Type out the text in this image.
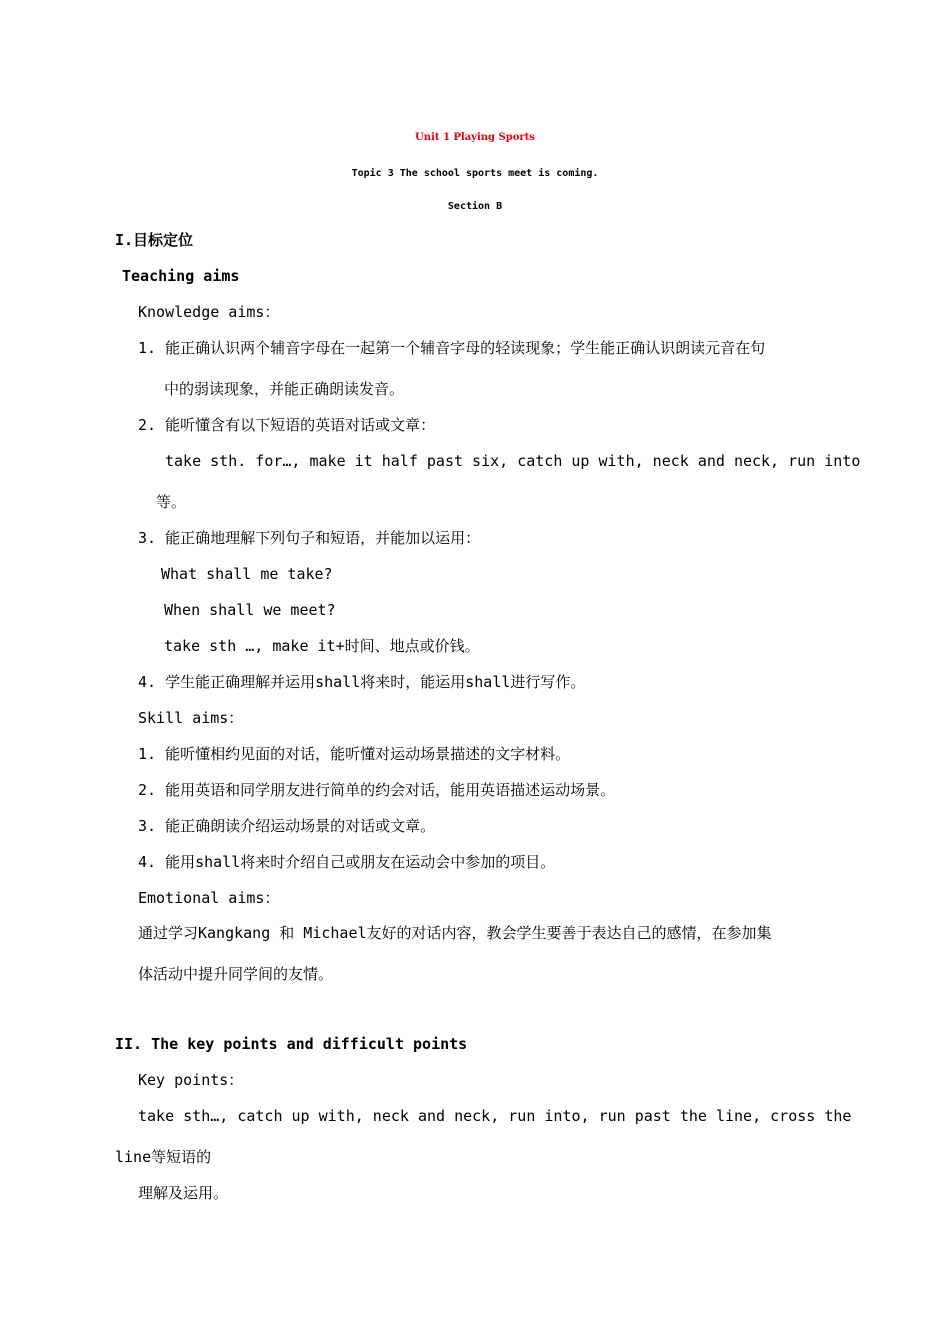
Unit 1 Playing Sports
Topic 3 The school sports meet is coming.
Section B
I.目标定位
Teaching aims
Knowledge aims：
1. 能正确认识两个辅音字母在一起第一个辅音字母的轻读现象；学生能正确认识朗读元音在句
中的弱读现象，并能正确朗读发音。
2. 能听懂含有以下短语的英语对话或文章：
take sth. for…, make it half past six, catch up with, neck and neck, run into
等。
3. 能正确地理解下列句子和短语，并能加以运用：
What shall me take?
When shall we meet?
take sth …, make it+时间、地点或价钱。
4. 学生能正确理解并运用shall将来时，能运用shall进行写作。
Skill aims：
1. 能听懂相约见面的对话，能听懂对运动场景描述的文字材料。
2. 能用英语和同学朋友进行简单的约会对话，能用英语描述运动场景。
3. 能正确朗读介绍运动场景的对话或文章。
4. 能用shall将来时介绍自己或朋友在运动会中参加的项目。
Emotional aims：
通过学习Kangkang 和 Michael友好的对话内容，教会学生要善于表达自己的感情，在参加集
体活动中提升同学间的友情。
II. The key points and difficult points
Key points：
take sth…, catch up with, neck and neck, run into, run past the line, cross the
line等短语的
理解及运用。
